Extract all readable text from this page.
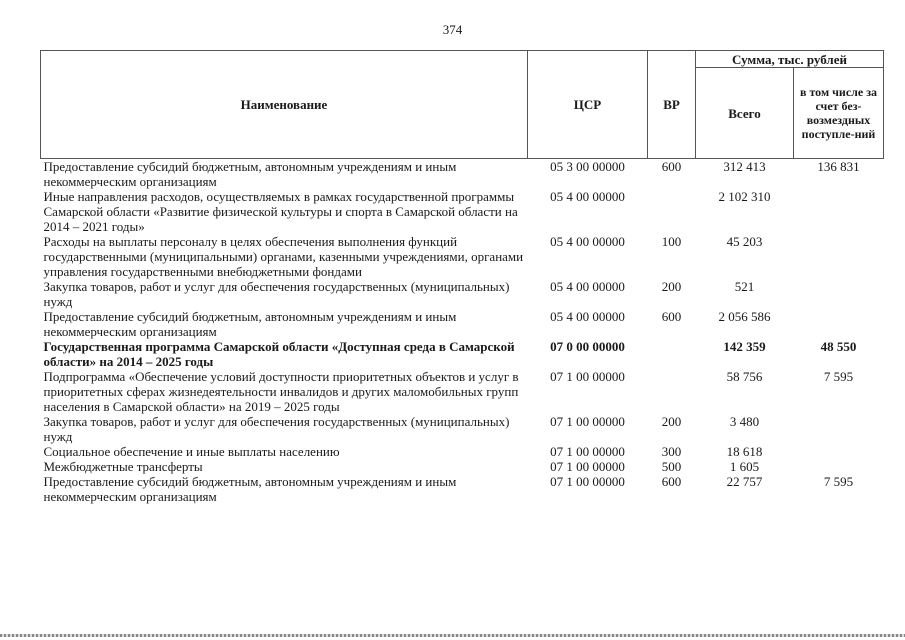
374
Наименование	ЦСР	ВР	Сумма, тыс. рублей	
			Всего	в том числе за счет без-возмездных поступле-ний
Предоставление субсидий бюджетным, автономным учреждениям и иным некоммерческим организациям	05 3 00 00000	600	312 413	136 831
Иные направления расходов, осуществляемых в рамках государственной программы Самарской области «Развитие физической культуры и спорта в Самарской области на 2014 – 2021 годы»	05 4 00 00000		2 102 310	
Расходы на выплаты персоналу в целях обеспечения выполнения функций государственными (муниципальными) органами, казенными учреждениями, органами управления государственными внебюджетными фондами	05 4 00 00000	100	45 203	
Закупка товаров, работ и услуг для обеспечения государственных (муниципальных) нужд	05 4 00 00000	200	521	
Предоставление субсидий бюджетным, автономным учреждениям и иным некоммерческим организациям	05 4 00 00000	600	2 056 586	
Государственная программа Самарской области «Доступная среда в Самарской области» на 2014 – 2025 годы	07 0 00 00000		142 359	48 550
Подпрограмма «Обеспечение условий доступности приоритетных объектов и услуг в приоритетных сферах жизнедеятельности инвалидов и других маломобильных групп населения в Самарской области» на 2019 – 2025 годы	07 1 00 00000		58 756	7 595
Закупка товаров, работ и услуг для обеспечения государственных (муниципальных) нужд	07 1 00 00000	200	3 480	
Социальное обеспечение и иные выплаты населению	07 1 00 00000	300	18 618	
Межбюджетные трансферты	07 1 00 00000	500	1 605	
Предоставление субсидий бюджетным, автономным учреждениям и иным некоммерческим организациям	07 1 00 00000	600	22 757	7 595
